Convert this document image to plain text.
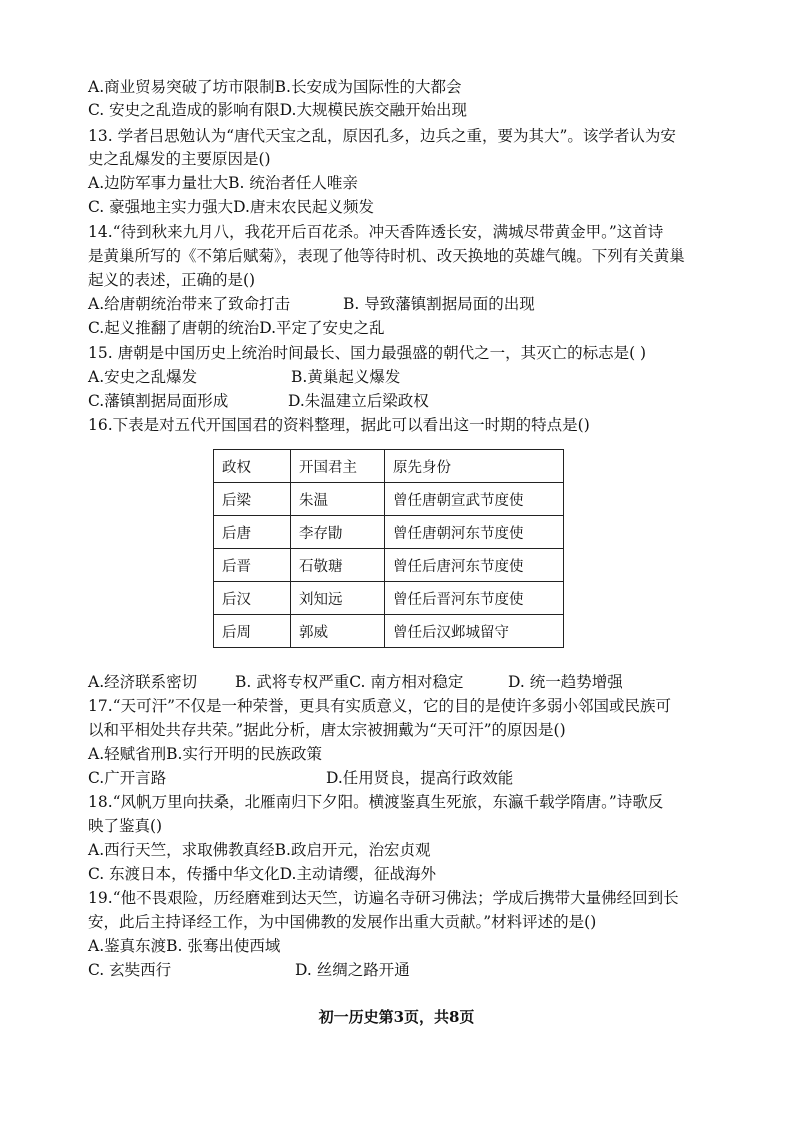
A.商业贸易突破了坊市限制B.长安成为国际性的大都会
C. 安史之乱造成的影响有限D.大规模民族交融开始出现
13. 学者吕思勉认为“唐代天宝之乱，原因孔多，边兵之重，要为其大”。该学者认为安
史之乱爆发的主要原因是()
A.边防军事力量壮大B. 统治者任人唯亲
C. 豪强地主实力强大D.唐末农民起义频发
14.“待到秋来九月八，我花开后百花杀。冲天香阵透长安，满城尽带黄金甲。”这首诗
是黄巢所写的《不第后赋菊》，表现了他等待时机、改天换地的英雄气魄。下列有关黄巢
起义的表述，正确的是()
A.给唐朝统治带来了致命打击	B. 导致藩镇割据局面的出现
C.起义推翻了唐朝的统治D.平定了安史之乱
15. 唐朝是中国历史上统治时间最长、国力最强盛的朝代之一，其灭亡的标志是( )
A.安史之乱爆发	B.黄巢起义爆发
C.藩镇割据局面形成	D.朱温建立后梁政权
16.下表是对五代开国国君的资料整理，据此可以看出这一时期的特点是()
政权	开国君主	原先身份
后梁	朱温	曾任唐朝宣武节度使
后唐	李存勖	曾任唐朝河东节度使
后晋	石敬瑭	曾任后唐河东节度使
后汉	刘知远	曾任后晋河东节度使
后周	郭威	曾任后汉邺城留守
A.经济联系密切 B. 武将专权严重C. 南方相对稳定	D. 统一趋势增强
17.“天可汗”不仅是一种荣誉，更具有实质意义，它的目的是使许多弱小邻国或民族可
以和平相处共存共荣。”据此分析，唐太宗被拥戴为“天可汗”的原因是()
A.轻赋省刑B.实行开明的民族政策
C.广开言路	D.任用贤良，提高行政效能
18.“风帆万里向扶桑，北雁南归下夕阳。横渡鉴真生死旅，东瀛千载学隋唐。”诗歌反
映了鉴真()
A.西行天竺，求取佛教真经B.政启开元，治宏贞观
C. 东渡日本，传播中华文化D.主动请缨，征战海外
19.“他不畏艰险，历经磨难到达天竺，访遍名寺研习佛法；学成后携带大量佛经回到长
安，此后主持译经工作，为中国佛教的发展作出重大贡献。”材料评述的是()
A.鉴真东渡B. 张骞出使西域
C. 玄奘西行	D. 丝绸之路开通
初一历史第3页，共8页
